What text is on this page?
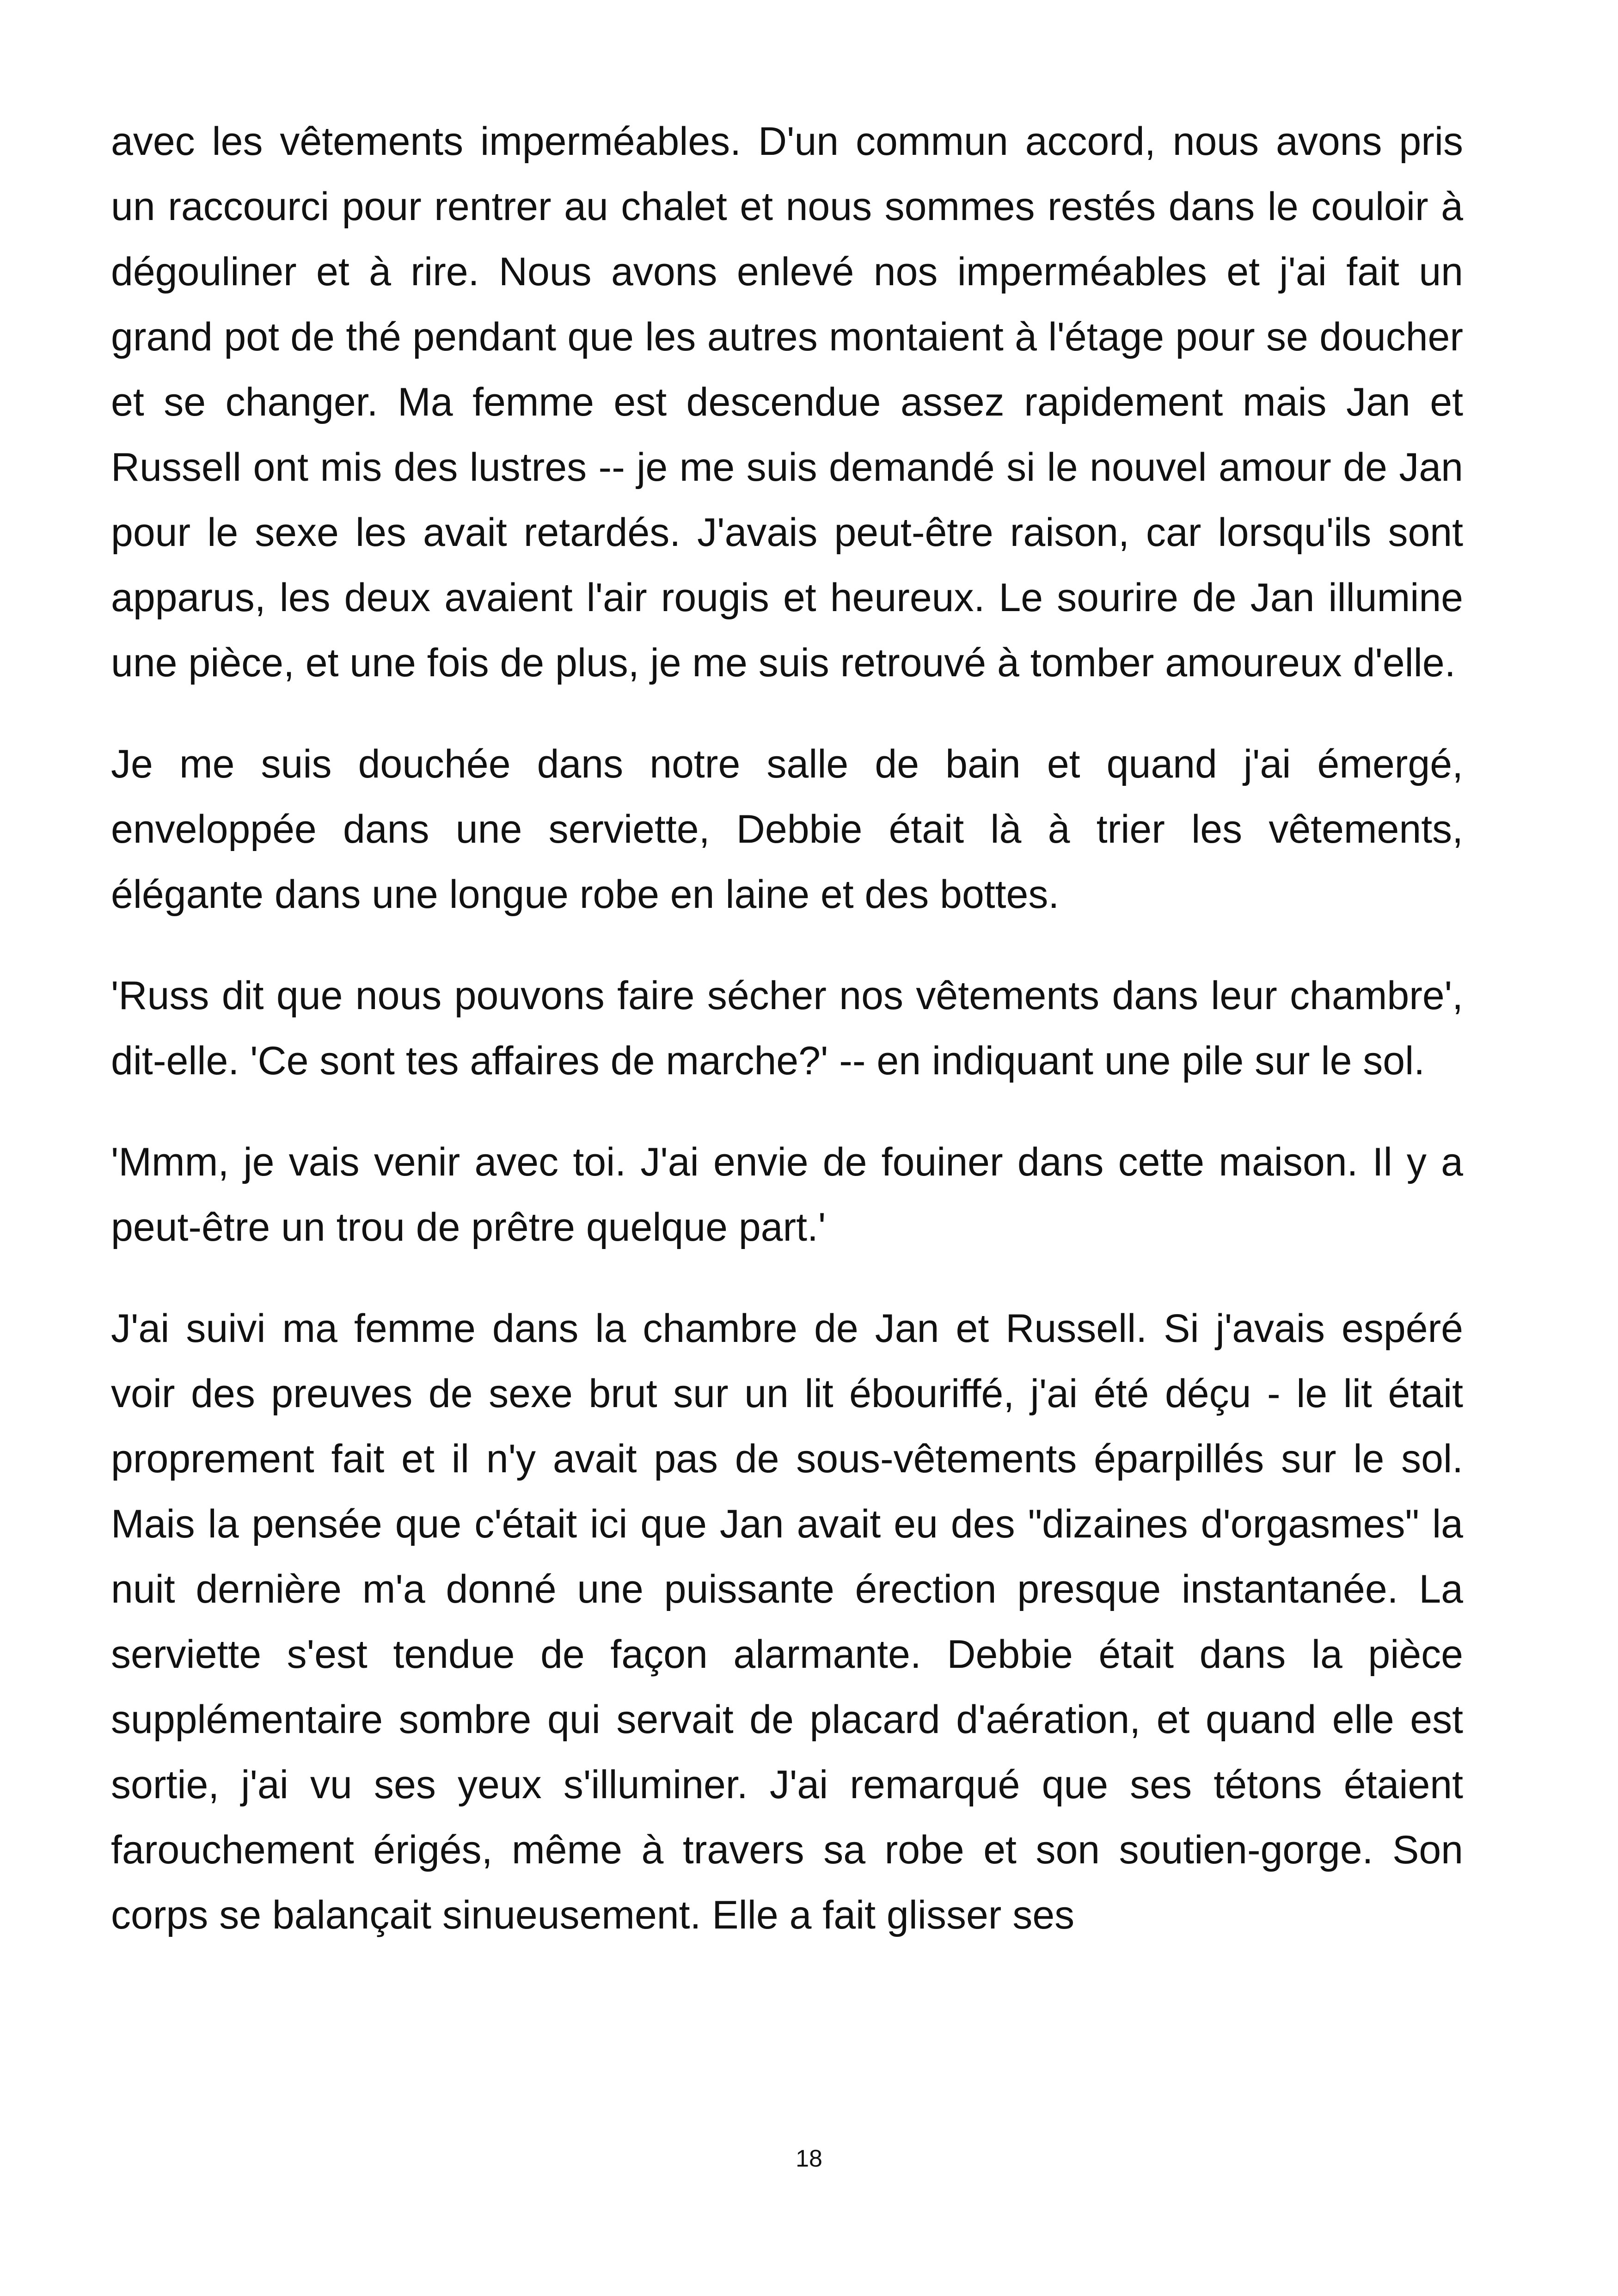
avec les vêtements imperméables. D'un commun accord, nous avons pris un raccourci pour rentrer au chalet et nous sommes restés dans le couloir à dégouliner et à rire. Nous avons enlevé nos imperméables et j'ai fait un grand pot de thé pendant que les autres montaient à l'étage pour se doucher et se changer. Ma femme est descendue assez rapidement mais Jan et Russell ont mis des lustres -- je me suis demandé si le nouvel amour de Jan pour le sexe les avait retardés. J'avais peut-être raison, car lorsqu'ils sont apparus, les deux avaient l'air rougis et heureux. Le sourire de Jan illumine une pièce, et une fois de plus, je me suis retrouvé à tomber amoureux d'elle.

Je me suis douchée dans notre salle de bain et quand j'ai émergé, enveloppée dans une serviette, Debbie était là à trier les vêtements, élégante dans une longue robe en laine et des bottes.

'Russ dit que nous pouvons faire sécher nos vêtements dans leur chambre', dit-elle. 'Ce sont tes affaires de marche?' -- en indiquant une pile sur le sol.

'Mmm, je vais venir avec toi. J'ai envie de fouiner dans cette maison. Il y a peut-être un trou de prêtre quelque part.'

J'ai suivi ma femme dans la chambre de Jan et Russell. Si j'avais espéré voir des preuves de sexe brut sur un lit ébouriffé, j'ai été déçu - le lit était proprement fait et il n'y avait pas de sous-vêtements éparpillés sur le sol. Mais la pensée que c'était ici que Jan avait eu des "dizaines d'orgasmes" la nuit dernière m'a donné une puissante érection presque instantanée. La serviette s'est tendue de façon alarmante. Debbie était dans la pièce supplémentaire sombre qui servait de placard d'aération, et quand elle est sortie, j'ai vu ses yeux s'illuminer. J'ai remarqué que ses tétons étaient farouchement érigés, même à travers sa robe et son soutien-gorge. Son corps se balançait sinueusement. Elle a fait glisser ses

18
